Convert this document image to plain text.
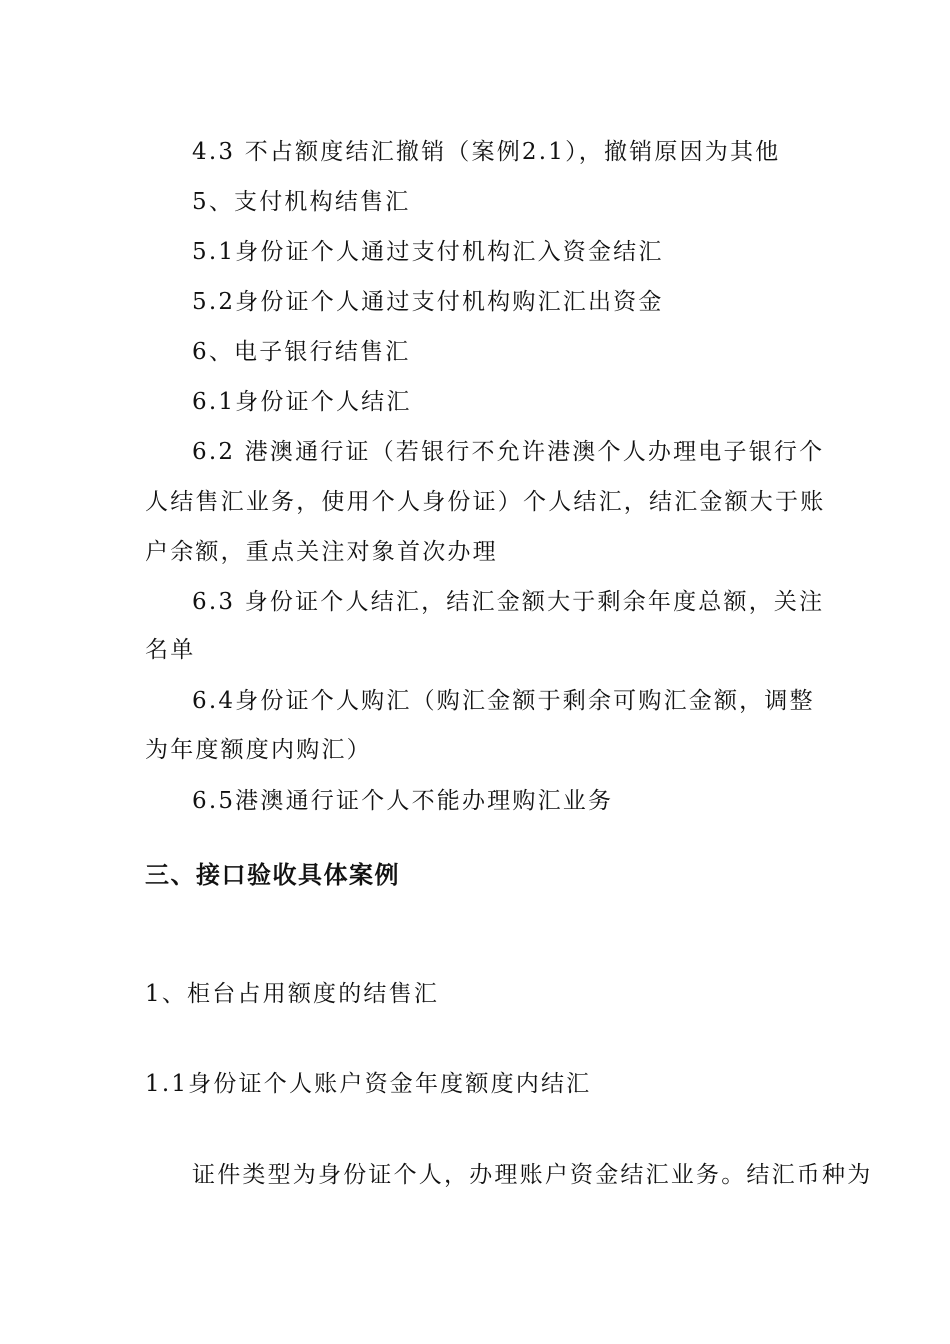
4.3 不占额度结汇撤销（案例2.1），撤销原因为其他
5、支付机构结售汇
5.1身份证个人通过支付机构汇入资金结汇
5.2身份证个人通过支付机构购汇汇出资金
6、电子银行结售汇
6.1身份证个人结汇
6.2 港澳通行证（若银行不允许港澳个人办理电子银行个
人结售汇业务，使用个人身份证）个人结汇，结汇金额大于账
户余额，重点关注对象首次办理
6.3 身份证个人结汇，结汇金额大于剩余年度总额，关注
名单
6.4身份证个人购汇（购汇金额于剩余可购汇金额，调整
为年度额度内购汇）
6.5港澳通行证个人不能办理购汇业务
三、接口验收具体案例
1、柜台占用额度的结售汇
1.1身份证个人账户资金年度额度内结汇
证件类型为身份证个人，办理账户资金结汇业务。结汇币种为
